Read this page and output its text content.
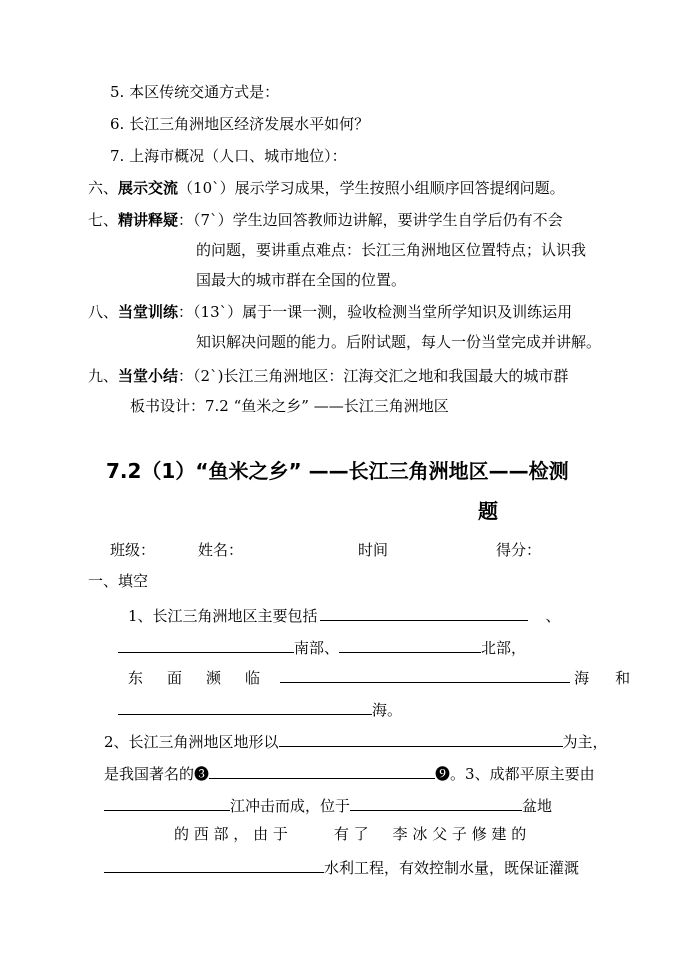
5. 本区传统交通方式是：
6. 长江三角洲地区经济发展水平如何？
7. 上海市概况（人口、城市地位）：
六、展示交流（10`）展示学习成果，学生按照小组顺序回答提纲问题。
七、精讲释疑：（7`）学生边回答教师边讲解，要讲学生自学后仍有不会
的问题，要讲重点难点：长江三角洲地区位置特点；认识我
国最大的城市群在全国的位置。
八、当堂训练：（13`）属于一课一测，验收检测当堂所学知识及训练运用
知识解决问题的能力。后附试题，每人一份当堂完成并讲解。
九、当堂小结：（2`)长江三角洲地区：江海交汇之地和我国最大的城市群
板书设计：7.2 “鱼米之乡” ——长江三角洲地区
7.2（1）“鱼米之乡” ——长江三角洲地区——检测
题
班级：	姓名：	时间	得分：
一、填空
1、长江三角洲地区主要包括	、
南部、	北部，
东 面 濒 临	海 和
海。
2、长江三角洲地区地形以	为主，
是我国著名的❸	❾。3、成都平原主要由
江冲击而成，位于	盆地
的 西 部 ， 由 于	有 了 李 冰 父 子 修 建 的
水利工程，有效控制水量，既保证灌溉
